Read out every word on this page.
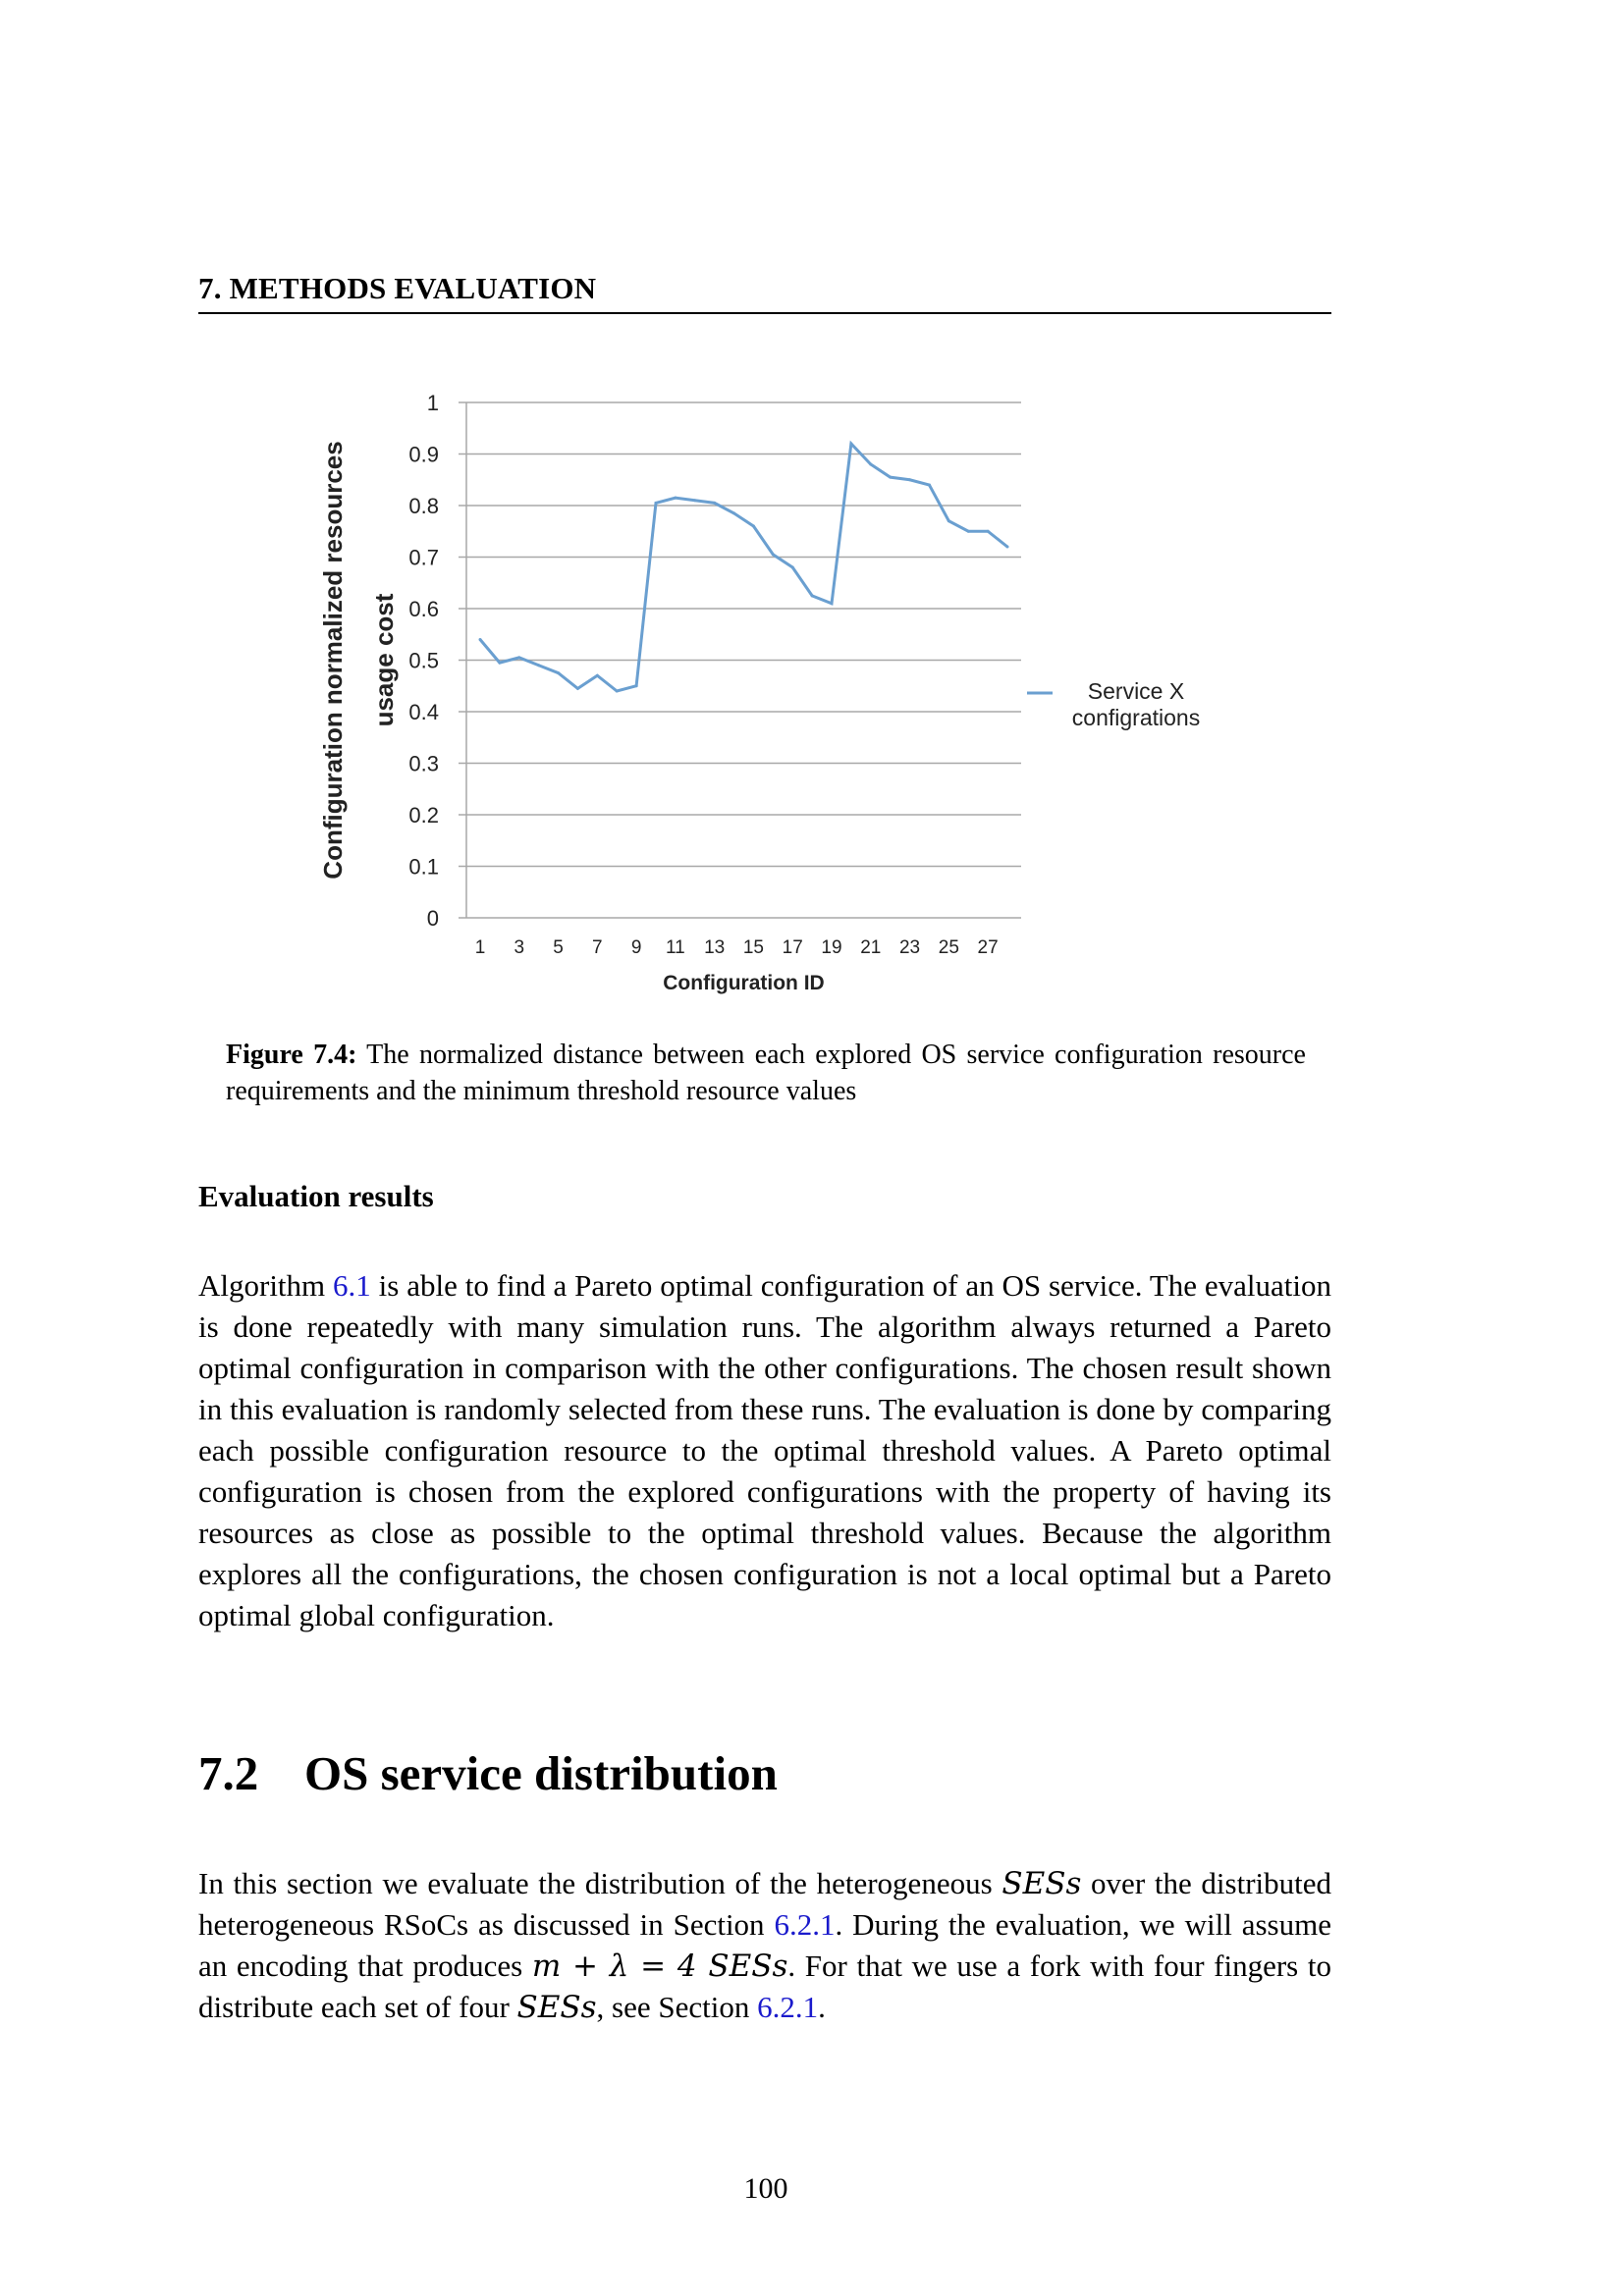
7. METHODS EVALUATION
0
0.1
0.2
0.3
0.4
0.5
0.6
0.7
0.8
0.9
1
1 3 5 7 9 11 13 15 17 19 21 23 25 27
Configuration normalized resources usage cost
Configuration ID
Service X
configrations
Figure 7.4: The normalized distance between each explored OS service configuration resource requirements and the minimum threshold resource values
Evaluation results
Algorithm 6.1 is able to find a Pareto optimal configuration of an OS service. The evaluation is done repeatedly with many simulation runs. The algorithm always returned a Pareto optimal configuration in comparison with the other configurations. The chosen result shown in this evaluation is randomly selected from these runs. The evaluation is done by comparing each possible configuration resource to the optimal threshold values. A Pareto optimal configuration is chosen from the explored configurations with the property of having its resources as close as possible to the optimal threshold values. Because the algorithm explores all the configurations, the chosen configuration is not a local optimal but a Pareto optimal global configuration.
7.2 OS service distribution
In this section we evaluate the distribution of the heterogeneous SESs over the distributed heterogeneous RSoCs as discussed in Section 6.2.1. During the evaluation, we will assume an encoding that produces m + λ = 4 SESs. For that we use a fork with four fingers to distribute each set of four SESs, see Section 6.2.1.
100
